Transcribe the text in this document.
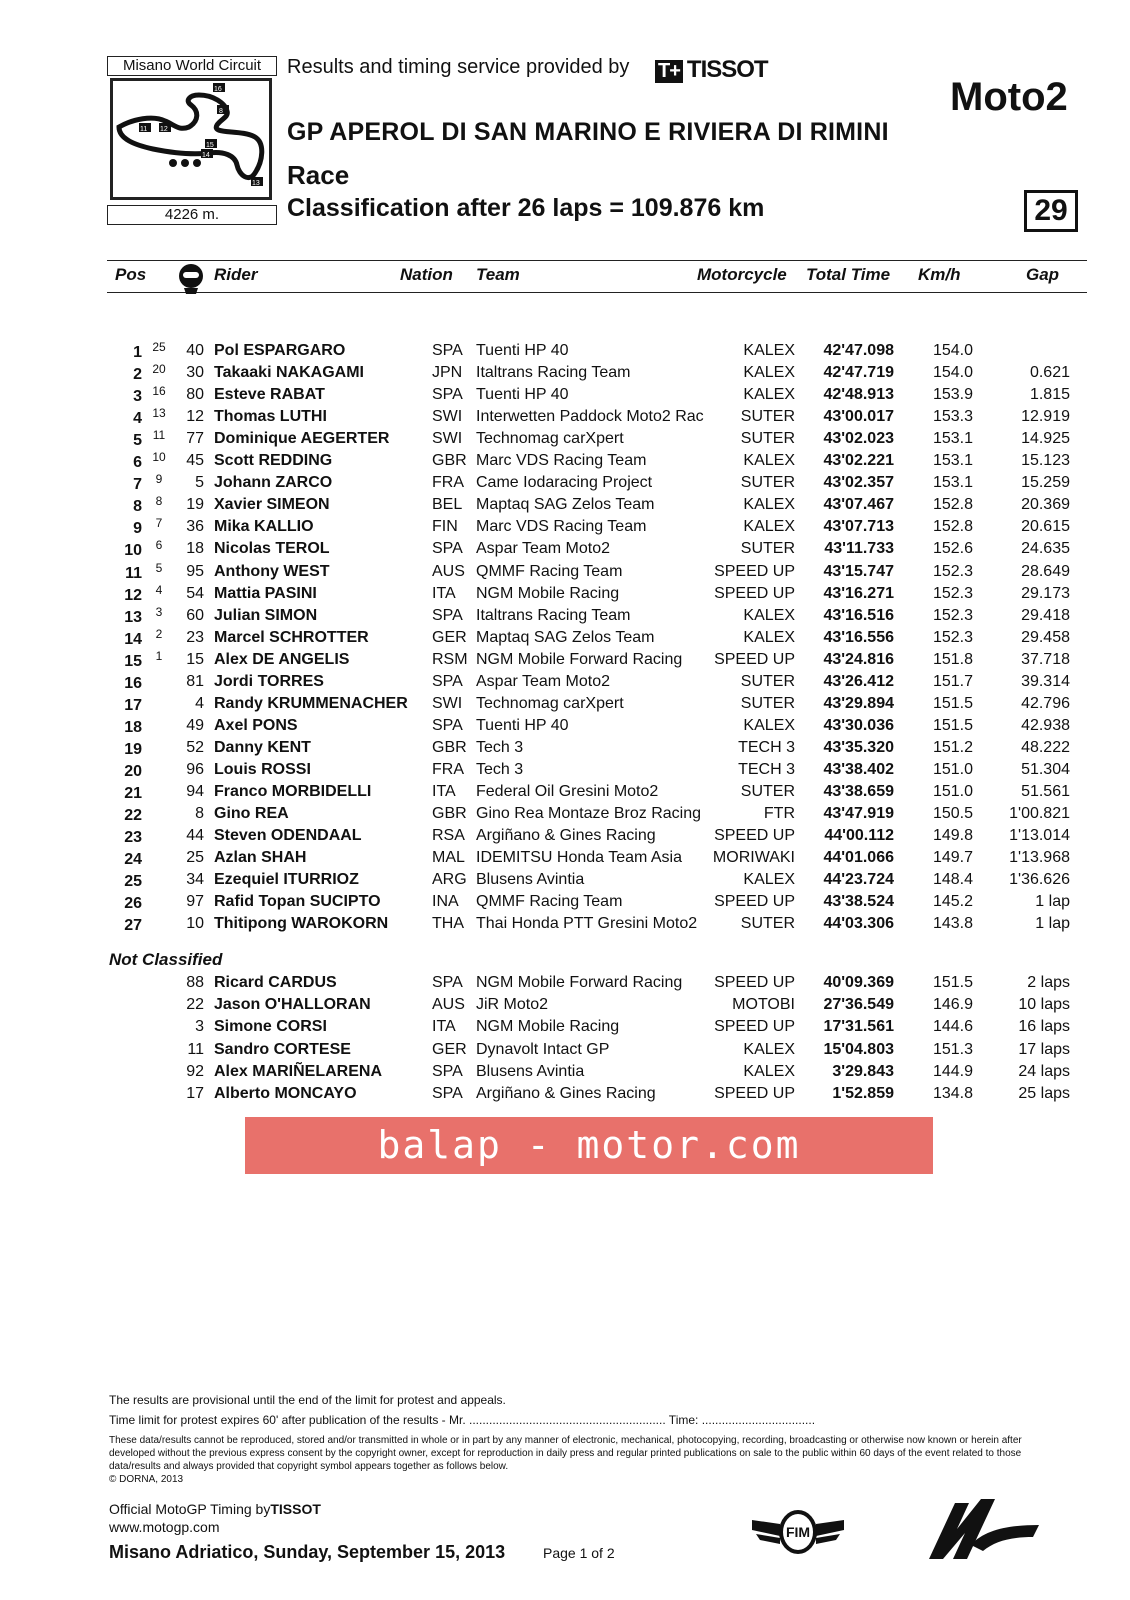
Misano World Circuit	Results and timing service provided by T+ TISSOT
Moto2
8
11 12
13
14
15
16
4226 m.
GP APEROL DI SAN MARINO E RIVIERA DI RIMINI
Race
Classification after 26 laps = 109.876 km	29
Pos	Rider	Nation Team	Motorcycle Total Time Km/h	Gap
1 25	40 Pol ESPARGARO	SPA Tuenti HP 40	KALEX	42'47.098	154.0
2 20	30 Takaaki NAKAGAMI	JPN Italtrans Racing Team	KALEX	42'47.719	154.0	0.621
3 16	80 Esteve RABAT	SPA Tuenti HP 40	KALEX	42'48.913	153.9	1.815
4 13	12 Thomas LUTHI	SWI Interwetten Paddock Moto2 Rac	SUTER	43'00.017	153.3	12.919
5 11	77 Dominique AEGERTER	SWI Technomag carXpert	SUTER	43'02.023	153.1	14.925
6 10	45 Scott REDDING	GBR Marc VDS Racing Team	KALEX	43'02.221	153.1	15.123
7	9	5 Johann ZARCO	FRA Came Iodaracing Project	SUTER	43'02.357	153.1	15.259
8	8	19 Xavier SIMEON	BEL Maptaq SAG Zelos Team	KALEX	43'07.467	152.8	20.369
9	7	36 Mika KALLIO	FIN Marc VDS Racing Team	KALEX	43'07.713	152.8	20.615
10	6	18 Nicolas TEROL	SPA Aspar Team Moto2	SUTER	43'11.733	152.6	24.635
11	5	95 Anthony WEST	AUS QMMF Racing Team	SPEED UP	43'15.747	152.3	28.649
12	4	54 Mattia PASINI	ITA NGM Mobile Racing	SPEED UP	43'16.271	152.3	29.173
13	3	60 Julian SIMON	SPA Italtrans Racing Team	KALEX	43'16.516	152.3	29.418
14	2	23 Marcel SCHROTTER	GER Maptaq SAG Zelos Team	KALEX	43'16.556	152.3	29.458
15	1	15 Alex DE ANGELIS	RSM NGM Mobile Forward Racing	SPEED UP	43'24.816	151.8	37.718
16	81 Jordi TORRES	SPA Aspar Team Moto2	SUTER	43'26.412	151.7	39.314
17	4 Randy KRUMMENACHER SWI Technomag carXpert	SUTER	43'29.894	151.5	42.796
18	49 Axel PONS	SPA Tuenti HP 40	KALEX	43'30.036	151.5	42.938
19	52 Danny KENT	GBR Tech 3	TECH 3	43'35.320	151.2	48.222
20	96 Louis ROSSI	FRA Tech 3	TECH 3	43'38.402	151.0	51.304
21	94 Franco MORBIDELLI	ITA Federal Oil Gresini Moto2	SUTER	43'38.659	151.0	51.561
22	8 Gino REA	GBR Gino Rea Montaze Broz Racing	FTR	43'47.919	150.5	1'00.821
23	44 Steven ODENDAAL	RSA Argiñano & Gines Racing	SPEED UP	44'00.112	149.8	1'13.014
24	25 Azlan SHAH	MAL IDEMITSU Honda Team Asia	MORIWAKI	44'01.066	149.7	1'13.968
25	34 Ezequiel ITURRIOZ	ARG Blusens Avintia	KALEX	44'23.724	148.4	1'36.626
26	97 Rafid Topan SUCIPTO	INA QMMF Racing Team	SPEED UP	43'38.524	145.2	1 lap
27	10 Thitipong WAROKORN	THA Thai Honda PTT Gresini Moto2	SUTER	44'03.306	143.8	1 lap
Not Classified
88 Ricard CARDUS	SPA NGM Mobile Forward Racing	SPEED UP	40'09.369	151.5	2 laps
22 Jason O'HALLORAN	AUS JiR Moto2	MOTOBI	27'36.549	146.9	10 laps
3 Simone CORSI	ITA NGM Mobile Racing	SPEED UP	17'31.561	144.6	16 laps
11 Sandro CORTESE	GER Dynavolt Intact GP	KALEX	15'04.803	151.3	17 laps
92 Alex MARIÑELARENA	SPA Blusens Avintia	KALEX	3'29.843	144.9	24 laps
17 Alberto MONCAYO	SPA Argiñano & Gines Racing	SPEED UP	1'52.859	134.8	25 laps
balap - motor.com
The results are provisional until the end of the limit for protest and appeals.
Time limit for protest expires 60' after publication of the results - Mr. ........................................................... Time: ..................................
These data/results cannot be reproduced, stored and/or transmitted in whole or in part by any manner of electronic, mechanical, photocopying, recording, broadcasting or otherwise now known or herein after developed without the previous express consent by the copyright owner, except for reproduction in daily press and regular printed publications on sale to the public within 60 days of the event related to those data/results and always provided that copyright symbol appears together as follows below.
© DORNA, 2013
Official MotoGP Timing byTISSOT
www.motogp.com
Misano Adriatico, Sunday, September 15, 2013	Page 1 of 2
FIM
